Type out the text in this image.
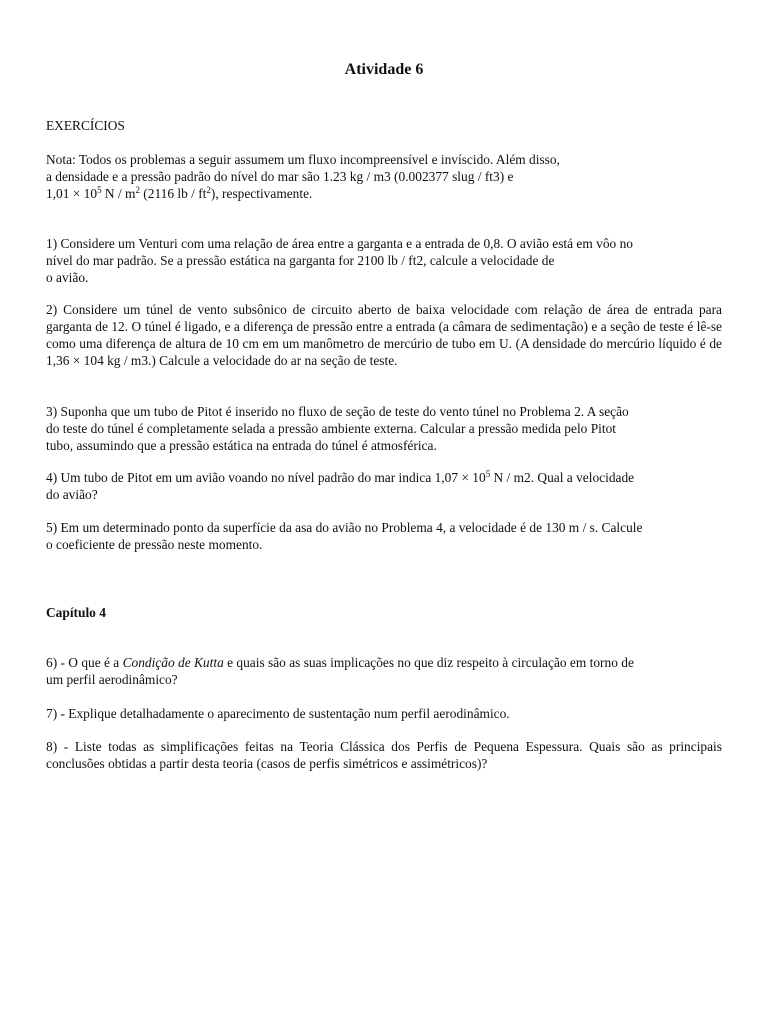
Atividade 6
EXERCÍCIOS
Nota: Todos os problemas a seguir assumem um fluxo incompreensível e invíscido. Além disso,
a densidade e a pressão padrão do nível do mar são 1.23 kg / m3 (0.002377 slug / ft3) e
$1,01 \times 10^5$ N / $m^2$ (2116 lb / $ft^2$), respectivamente.
1) Considere um Venturi com uma relação de área entre a garganta e a entrada de 0,8. O avião está em vôo no
nível do mar padrão. Se a pressão estática na garganta for 2100 lb / ft2, calcule a velocidade de
o avião.
2) Considere um túnel de vento subsônico de circuito aberto de baixa velocidade com relação de área de entrada para garganta de 12. O túnel é ligado, e a diferença de pressão entre a entrada (a câmara de sedimentação) e a seção de teste é lê-se como uma diferença de altura de 10 cm em um manômetro de mercúrio de tubo em U. (A densidade do mercúrio líquido é de 1,36 × 104 kg / m3.) Calcule a velocidade do ar na seção de teste.
3) Suponha que um tubo de Pitot é inserido no fluxo de seção de teste do vento túnel no Problema 2. A seção
do teste do túnel é completamente selada a pressão ambiente externa. Calcular a pressão medida pelo Pitot
tubo, assumindo que a pressão estática na entrada do túnel é atmosférica.
4) Um tubo de Pitot em um avião voando no nível padrão do mar indica $1,07 \times 10^5$ N / m2. Qual a velocidade
do avião?
5) Em um determinado ponto da superfície da asa do avião no Problema 4, a velocidade é de 130 m / s. Calcule
o coeficiente de pressão neste momento.
Capítulo 4
6) - O que é a Condição de Kutta e quais são as suas implicações no que diz respeito à circulação em torno de
um perfil aerodinâmico?
7) - Explique detalhadamente o aparecimento de sustentação num perfil aerodinâmico.
8) - Liste todas as simplificações feitas na Teoria Clássica dos Perfis de Pequena Espessura. Quais são as principais conclusões obtidas a partir desta teoria (casos de perfis simétricos e assimétricos)?
